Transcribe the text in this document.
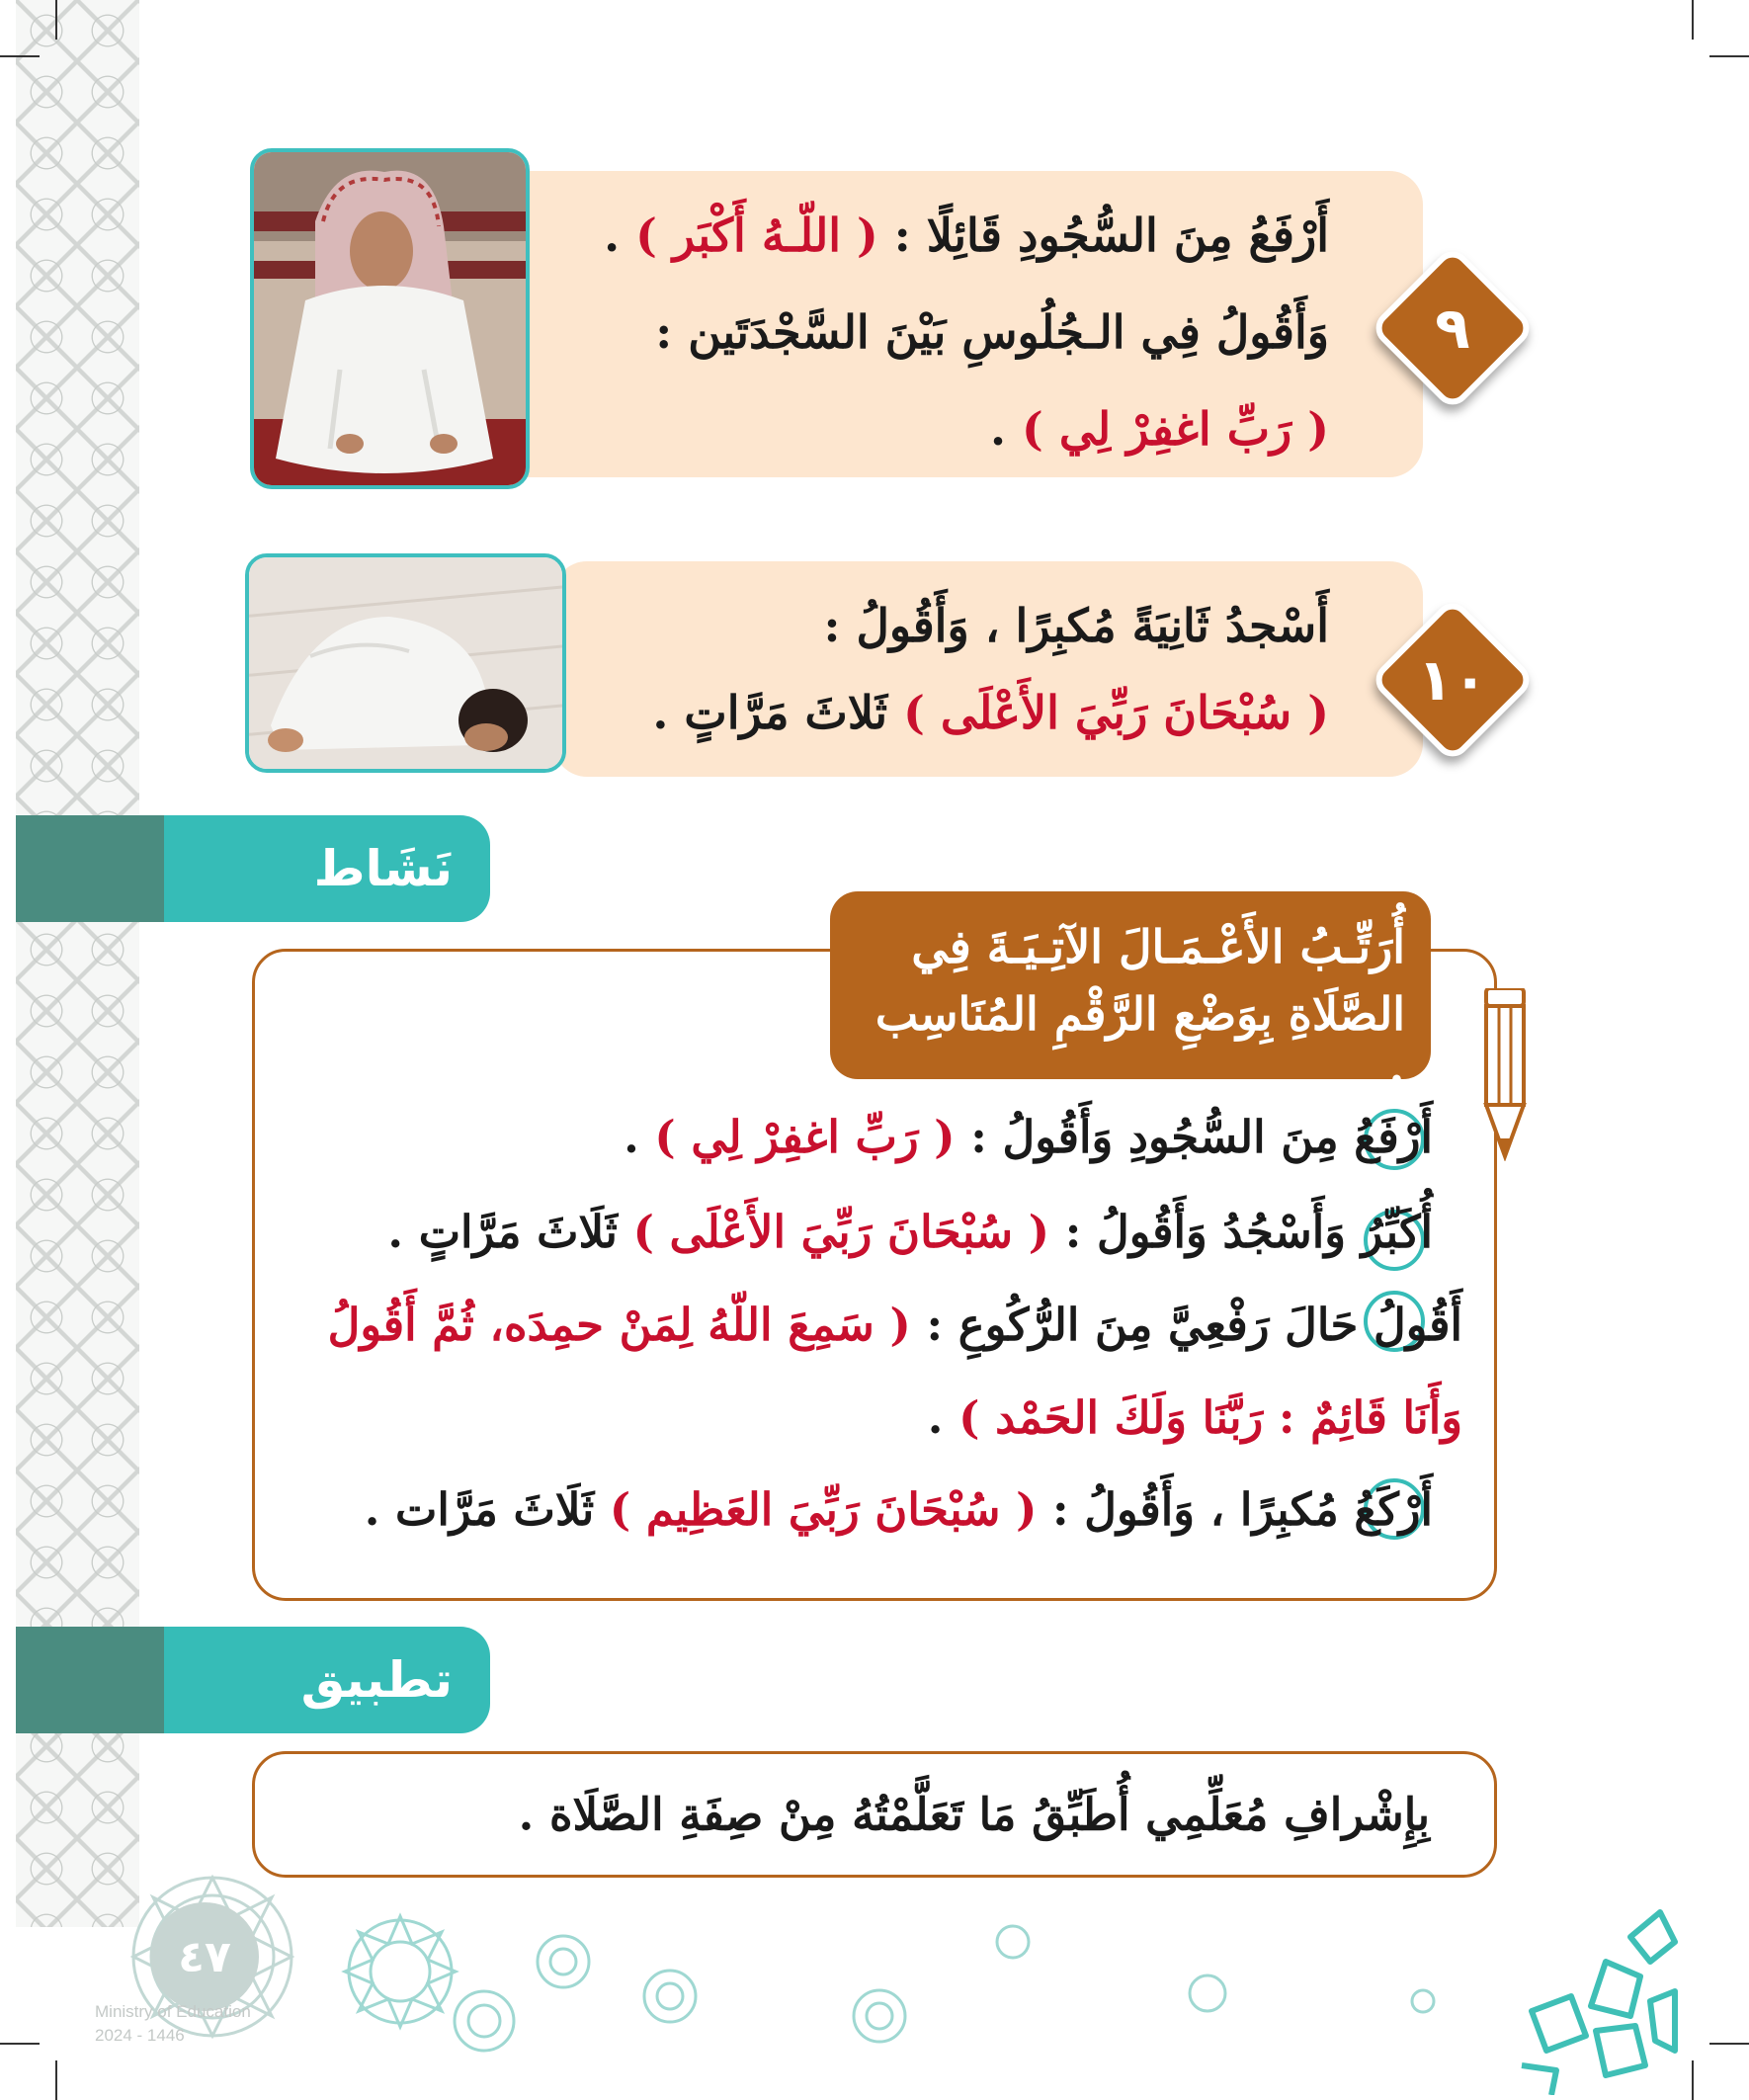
أَرْفَعُ مِنَ السُّجُودِ قَائِلًا : ( اللّـهُ أَكْبَر ) .
وَأَقُولُ فِي الـجُلُوسِ بَيْنَ السَّجْدَتَين :
( رَبِّ اغفِرْ لِي ) .
٩
أَسْجدُ ثَانِيَةً مُكبِرًا ، وَأَقُولُ :
( سُبْحَانَ رَبِّيَ الأَعْلَى ) ثَلاثَ مَرَّاتٍ .	١٠
نَشَاط
أُرَتِّـبُ الأَعْـمَـالَ الآتِـيَـةَ فِي
الصَّلَاةِ بِوَضْعِ الرَّقْمِ المُنَاسِب :
أَرْفَعُ مِنَ السُّجُودِ وَأَقُولُ : ( رَبِّ اغفِرْ لِي ) .
أُكَبِّرُ وَأَسْجُدُ وَأَقُولُ : ( سُبْحَانَ رَبِّيَ الأَعْلَى ) ثَلَاثَ مَرَّاتٍ .
أَقُولُ حَالَ رَفْعِيَّ مِنَ الرُّكُوعِ : ( سَمِعَ اللّهُ لِمَنْ حمِدَه، ثُمَّ أَقُولُ
وَأَنَا قَائِمٌ : رَبَّنَا وَلَكَ الحَمْد ) .
أَرْكَعُ مُكبِرًا ، وَأَقُولُ : ( سُبْحَانَ رَبِّيَ العَظِيم ) ثَلَاثَ مَرَّات .
تطبيق
بِإِشْرافِ مُعَلِّمِي أُطَبِّقُ مَا تَعَلَّمْتُهُ مِنْ صِفَةِ الصَّلَاة .
٤٧
Ministry of Education
2024 - 1446
